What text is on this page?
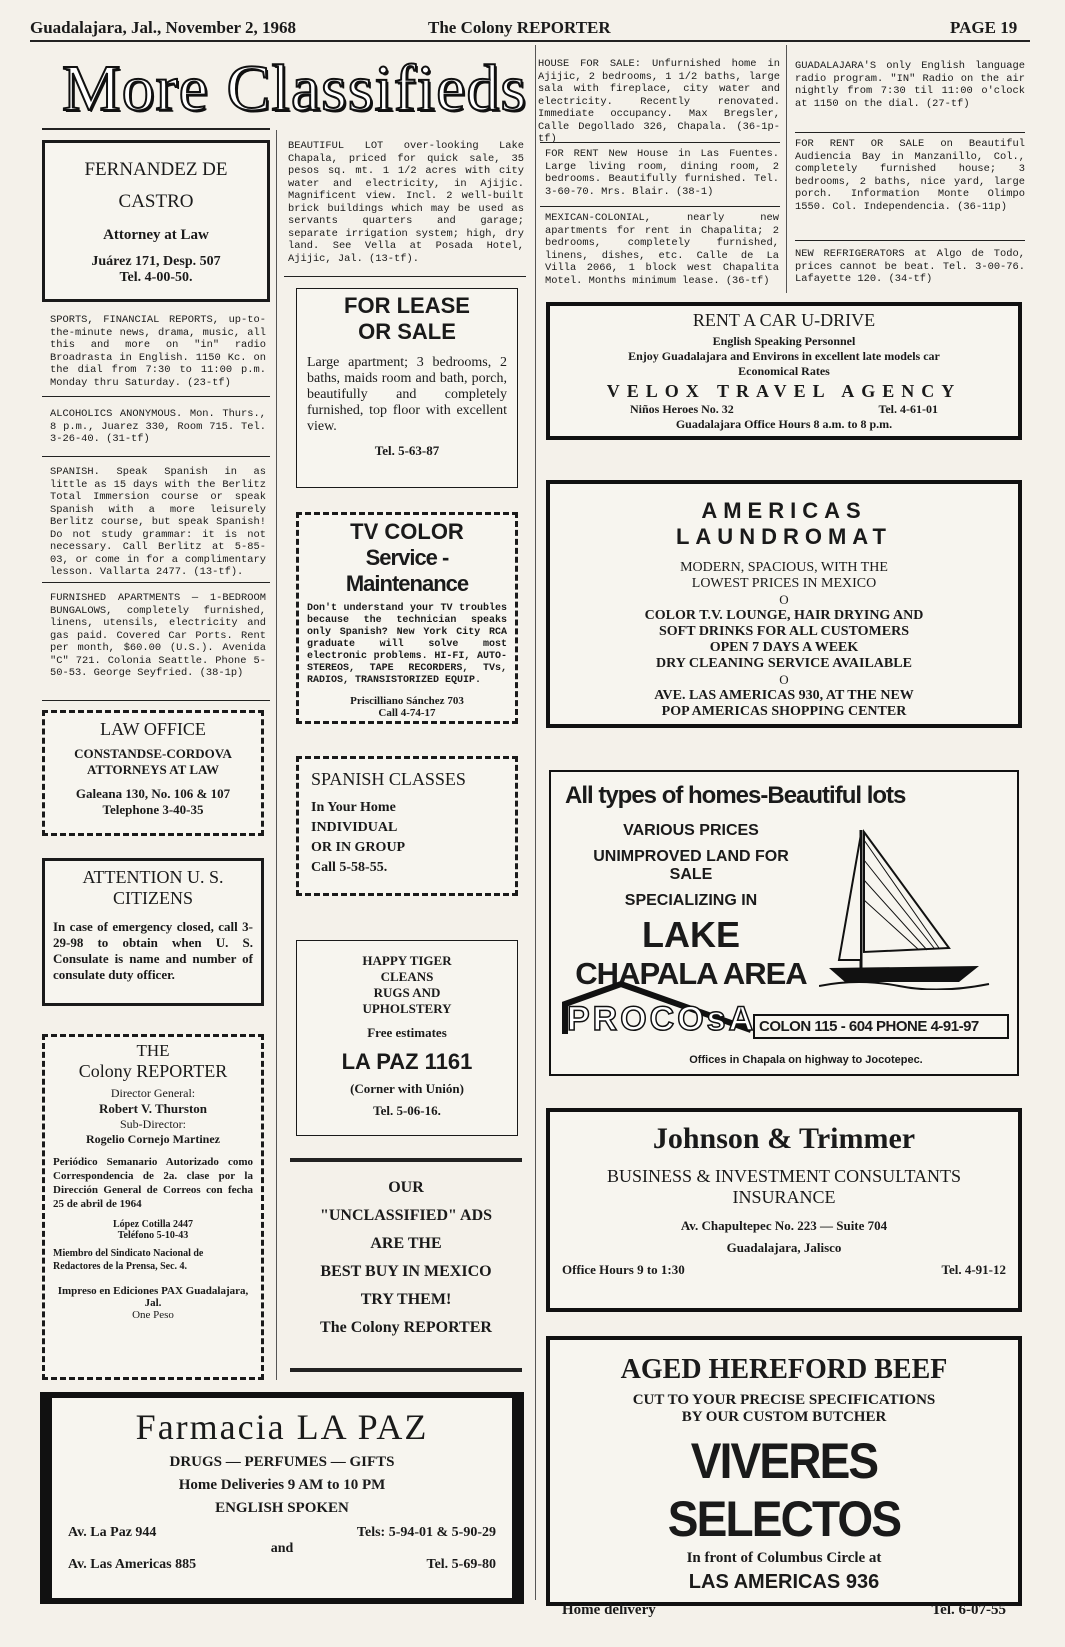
Guadalajara, Jal., November 2, 1968	The Colony REPORTER	PAGE 19
More Classifieds
FERNANDEZ DE
CASTRO
Attorney at Law
Juárez 171, Desp. 507
Tel. 4-00-50.
SPORTS, FINANCIAL REPORTS, up-to-the-minute news, drama, music, all this and more on "in" radio Broadrasta in English. 1150 Kc. on the dial from 7:30 to 11:00 p.m. Monday thru Saturday. (23-tf)
ALCOHOLICS ANONYMOUS. Mon. Thurs., 8 p.m., Juarez 330, Room 715. Tel. 3-26-40. (31-tf)
SPANISH. Speak Spanish in as little as 15 days with the Berlitz Total Immersion course or speak Spanish with a more leisurely Berlitz course, but speak Spanish! Do not study grammar: it is not necessary. Call Berlitz at 5-85-03, or come in for a complimentary lesson. Vallarta 2477. (13-tf).
FURNISHED APARTMENTS — 1-BEDROOM BUNGALOWS, completely furnished, linens, utensils, electricity and gas paid. Covered Car Ports. Rent per month, $60.00 (U.S.). Avenida "C" 721. Colonia Seattle. Phone 5-50-53. George Seyfried. (38-1p)
LAW OFFICE
CONSTANDSE-CORDOVA
ATTORNEYS AT LAW
Galeana 130, No. 106 & 107
Telephone 3-40-35
ATTENTION U. S.
CITIZENS
In case of emergency closed, call 3-29-98 to obtain when U. S. Consulate is name and number of consulate duty officer.
THE
Colony REPORTER
Director General:
Robert V. Thurston
Sub-Director:
Rogelio Cornejo Martinez
Periódico Semanario Autorizado como Correspondencia de 2a. clase por la Dirección General de Correos con fecha 25 de abril de 1964
López Cotilla 2447
Teléfono 5-10-43
Miembro del Sindicato Nacional de Redactores de la Prensa, Sec. 4.
Impreso en Ediciones PAX Guadalajara, Jal.
One Peso
BEAUTIFUL LOT over-looking Lake Chapala, priced for quick sale, 35 pesos sq. mt. 1 1/2 acres with city water and electricity, in Ajijic. Magnificent view. Incl. 2 well-built brick buildings which may be used as servants quarters and garage; separate irrigation system; high, dry land. See Vella at Posada Hotel, Ajijic, Jal. (13-tf).
FOR LEASE
OR SALE
Large apartment; 3 bedrooms, 2 baths, maids room and bath, porch, beautifully and completely furnished, top floor with excellent view.
Tel. 5-63-87
TV COLOR
Service - Maintenance
Don't understand your TV troubles because the technician speaks only Spanish? New York City RCA graduate will solve most electronic problems. HI-FI, AUTO-STEREOS, TAPE RECORDERS, TVs, RADIOS, TRANSISTORIZED EQUIP.
Priscilliano Sánchez 703
Call 4-74-17
SPANISH CLASSES
In Your Home
INDIVIDUAL
OR IN GROUP
Call 5-58-55.
HAPPY TIGER
CLEANS
RUGS AND
UPHOLSTERY
Free estimates
LA PAZ 1161
(Corner with Unión)
Tel. 5-06-16.
OUR
"UNCLASSIFIED" ADS
ARE THE
BEST BUY IN MEXICO
TRY THEM!
The Colony REPORTER
HOUSE FOR SALE: Unfurnished home in Ajijic, 2 bedrooms, 1 1/2 baths, large sala with fireplace, city water and electricity. Recently renovated. Immediate occupancy. Max Bregsler, Calle Degollado 326, Chapala. (36-1p-tf)
FOR RENT New House in Las Fuentes. Large living room, dining room, 2 bedrooms. Beautifully furnished. Tel. 3-60-70. Mrs. Blair. (38-1)
MEXICAN-COLONIAL, nearly new apartments for rent in Chapalita; 2 bedrooms, completely furnished, linens, dishes, etc. Calle de La Villa 2066, 1 block west Chapalita Motel. Months minimum lease. (36-tf)
GUADALAJARA'S only English language radio program. "IN" Radio on the air nightly from 7:30 til 11:00 o'clock at 1150 on the dial. (27-tf)
FOR RENT OR SALE on Beautiful Audiencia Bay in Manzanillo, Col., completely furnished house; 3 bedrooms, 2 baths, nice yard, large porch. Information Monte Olimpo 1550. Col. Independencia. (36-11p)
NEW REFRIGERATORS at Algo de Todo, prices cannot be beat. Tel. 3-00-76. Lafayette 120. (34-tf)
RENT A CAR U-DRIVE
English Speaking Personnel
Enjoy Guadalajara and Environs in excellent late models car
Economical Rates
VELOX TRAVEL AGENCY
Niños Heroes No. 32	Tel. 4-61-01
Guadalajara Office Hours 8 a.m. to 8 p.m.
AMERICAS
LAUNDROMAT
MODERN, SPACIOUS, WITH THE
LOWEST PRICES IN MEXICO
O
COLOR T.V. LOUNGE, HAIR DRYING AND
SOFT DRINKS FOR ALL CUSTOMERS
OPEN 7 DAYS A WEEK
DRY CLEANING SERVICE AVAILABLE
O
AVE. LAS AMERICAS 930, AT THE NEW
POP AMERICAS SHOPPING CENTER
All types of homes-Beautiful lots
VARIOUS PRICES
UNIMPROVED LAND FOR SALE
SPECIALIZING IN
LAKE
CHAPALA AREA
PROCOsA COLON 115 - 604 PHONE 4-91-97
Offices in Chapala on highway to Jocotepec.
Johnson & Trimmer
BUSINESS & INVESTMENT CONSULTANTS
INSURANCE
Av. Chapultepec No. 223 — Suite 704
Guadalajara, Jalisco
Office Hours 9 to 1:30	Tel. 4-91-12
AGED HEREFORD BEEF
CUT TO YOUR PRECISE SPECIFICATIONS
BY OUR CUSTOM BUTCHER
VIVERES SELECTOS
In front of Columbus Circle at
LAS AMERICAS 936
Home delivery	Tel. 6-07-55
Farmacia LA PAZ
DRUGS — PERFUMES — GIFTS
Home Deliveries 9 AM to 10 PM
ENGLISH SPOKEN
Av. La Paz 944	Tels: 5-94-01 & 5-90-29
and
Av. Las Americas 885	Tel. 5-69-80
